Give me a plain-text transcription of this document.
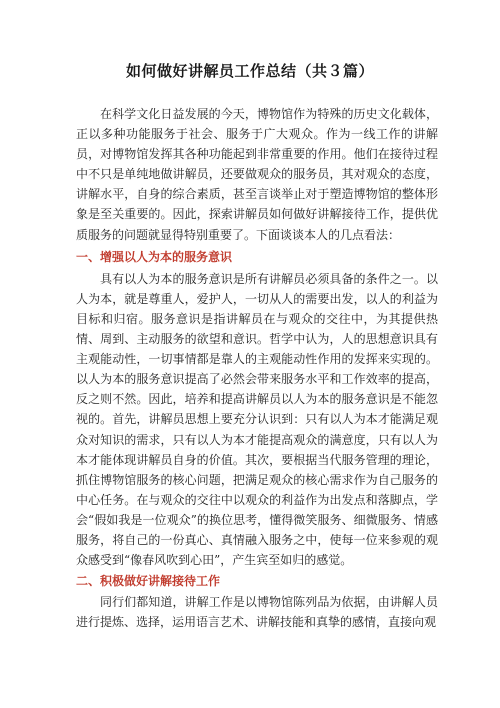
如何做好讲解员工作总结（共３篇）

在科学文化日益发展的今天，博物馆作为特殊的历史文化载体，正以多种功能服务于社会、服务于广大观众。作为一线工作的讲解员，对博物馆发挥其各种功能起到非常重要的作用。他们在接待过程中不只是单纯地做讲解员，还要做观众的服务员，其对观众的态度，讲解水平，自身的综合素质，甚至言谈举止对于塑造博物馆的整体形象是至关重要的。因此，探索讲解员如何做好讲解接待工作，提供优质服务的问题就显得特别重要了。下面谈谈本人的几点看法：

一、增强以人为本的服务意识

具有以人为本的服务意识是所有讲解员必须具备的条件之一。以人为本，就是尊重人，爱护人，一切从人的需要出发，以人的利益为目标和归宿。服务意识是指讲解员在与观众的交往中，为其提供热情、周到、主动服务的欲望和意识。哲学中认为，人的思想意识具有主观能动性，一切事情都是靠人的主观能动性作用的发挥来实现的。以人为本的服务意识提高了必然会带来服务水平和工作效率的提高，反之则不然。因此，培养和提高讲解员以人为本的服务意识是不能忽视的。首先，讲解员思想上要充分认识到：只有以人为本才能满足观众对知识的需求，只有以人为本才能提高观众的满意度，只有以人为本才能体现讲解员自身的价值。其次，要根据当代服务管理的理论，抓住博物馆服务的核心问题，把满足观众的核心需求作为自己服务的中心任务。在与观众的交往中以观众的利益作为出发点和落脚点，学会“假如我是一位观众”的换位思考，懂得微笑服务、细微服务、情感服务，将自己的一份真心、真情融入服务之中，使每一位来参观的观众感受到“像春风吹到心田”，产生宾至如归的感觉。

二、积极做好讲解接待工作

同行们都知道，讲解工作是以博物馆陈列品为依据，由讲解人员进行提炼、选择，运用语言艺术、讲解技能和真挚的感情，直接向观
